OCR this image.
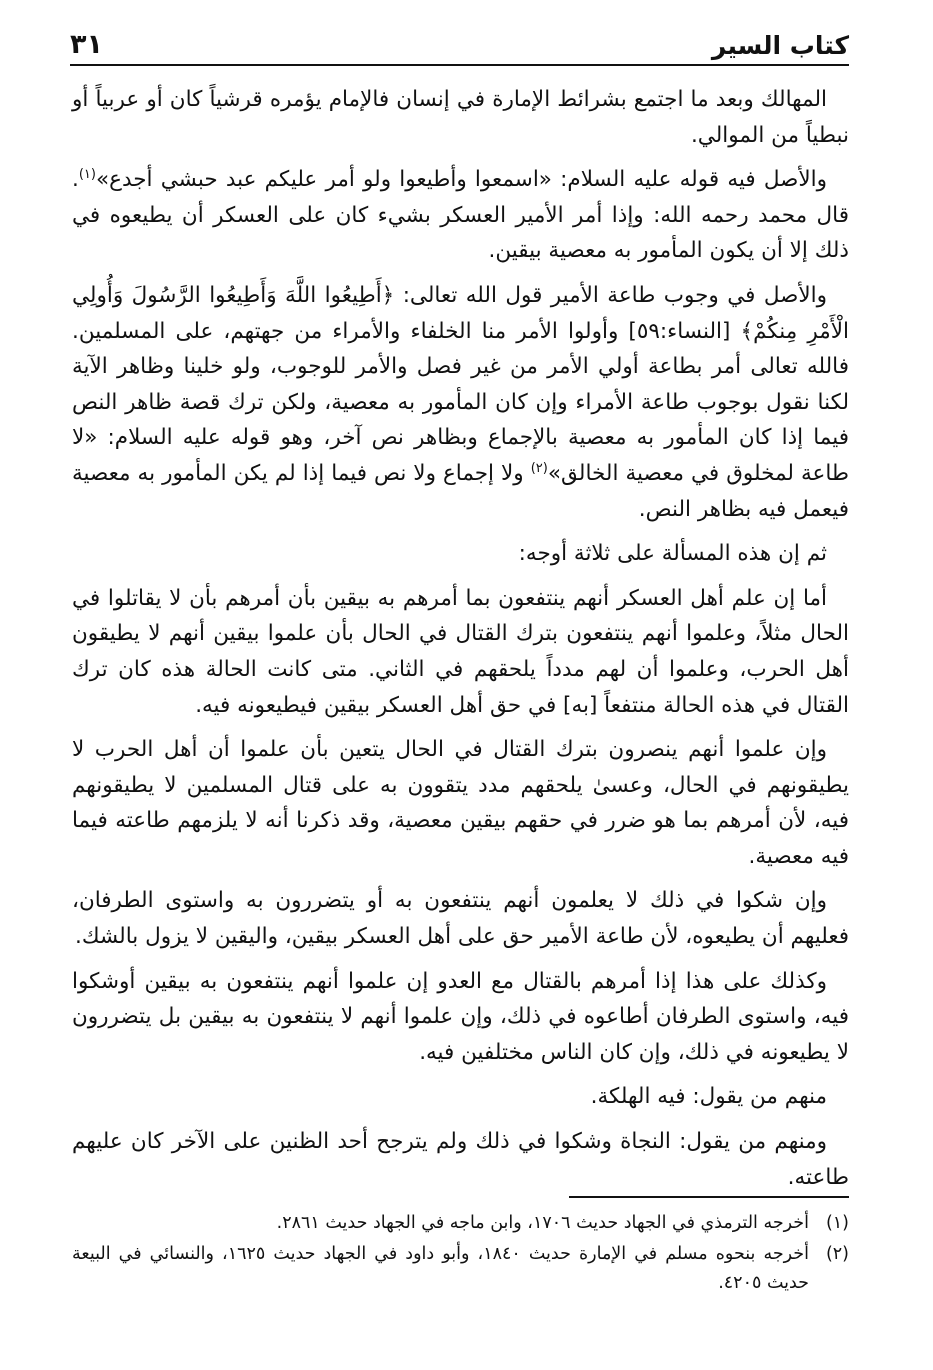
كتاب السير
٣١

المهالك وبعد ما اجتمع بشرائط الإمارة في إنسان فالإمام يؤمره قرشياً كان أو عربياً أو نبطياً من الموالي.

والأصل فيه قوله عليه السلام: «اسمعوا وأطيعوا ولو أمر عليكم عبد حبشي أجدع»$^{(١)}$. قال محمد رحمه الله: وإذا أمر الأمير العسكر بشيء كان على العسكر أن يطيعوه في ذلك إلا أن يكون المأمور به معصية بيقين.

والأصل في وجوب طاعة الأمير قول الله تعالى: ﴿أَطِيعُوا اللَّهَ وَأَطِيعُوا الرَّسُولَ وَأُولِي الْأَمْرِ مِنكُمْ﴾ [النساء:٥٩] وأولوا الأمر منا الخلفاء والأمراء من جهتهم، على المسلمين. فالله تعالى أمر بطاعة أولي الأمر من غير فصل والأمر للوجوب، ولو خلينا وظاهر الآية لكنا نقول بوجوب طاعة الأمراء وإن كان المأمور به معصية، ولكن ترك قصة ظاهر النص فيما إذا كان المأمور به معصية بالإجماع وبظاهر نص آخر، وهو قوله عليه السلام: «لا طاعة لمخلوق في معصية الخالق»$^{(٢)}$ ولا إجماع ولا نص فيما إذا لم يكن المأمور به معصية فيعمل فيه بظاهر النص.

ثم إن هذه المسألة على ثلاثة أوجه:

أما إن علم أهل العسكر أنهم ينتفعون بما أمرهم به بيقين بأن أمرهم بأن لا يقاتلوا في الحال مثلاً، وعلموا أنهم ينتفعون بترك القتال في الحال بأن علموا بيقين أنهم لا يطيقون أهل الحرب، وعلموا أن لهم مدداً يلحقهم في الثاني. متى كانت الحالة هذه كان ترك القتال في هذه الحالة منتفعاً [به] في حق أهل العسكر بيقين فيطيعونه فيه.

وإن علموا أنهم ينصرون بترك القتال في الحال يتعين بأن علموا أن أهل الحرب لا يطيقونهم في الحال، وعسىٰ يلحقهم مدد يتقوون به على قتال المسلمين لا يطيقونهم فيه، لأن أمرهم بما هو ضرر في حقهم بيقين معصية، وقد ذكرنا أنه لا يلزمهم طاعته فيما فيه معصية.

وإن شكوا في ذلك لا يعلمون أنهم ينتفعون به أو يتضررون به واستوى الطرفان، فعليهم أن يطيعوه، لأن طاعة الأمير حق على أهل العسكر بيقين، واليقين لا يزول بالشك.

وكذلك على هذا إذا أمرهم بالقتال مع العدو إن علموا أنهم ينتفعون به بيقين أوشكوا فيه، واستوى الطرفان أطاعوه في ذلك، وإن علموا أنهم لا ينتفعون به بيقين بل يتضررون لا يطيعونه في ذلك، وإن كان الناس مختلفين فيه.

منهم من يقول: فيه الهلكة.

ومنهم من يقول: النجاة وشكوا في ذلك ولم يترجح أحد الظنين على الآخر كان عليهم طاعته.

(١)
أخرجه الترمذي في الجهاد حديث ١٧٠٦، وابن ماجه في الجهاد حديث ٢٨٦١.
(٢)
أخرجه بنحوه مسلم في الإمارة حديث ١٨٤٠، وأبو داود في الجهاد حديث ١٦٢٥، والنسائي في البيعة حديث ٤٢٠٥.
